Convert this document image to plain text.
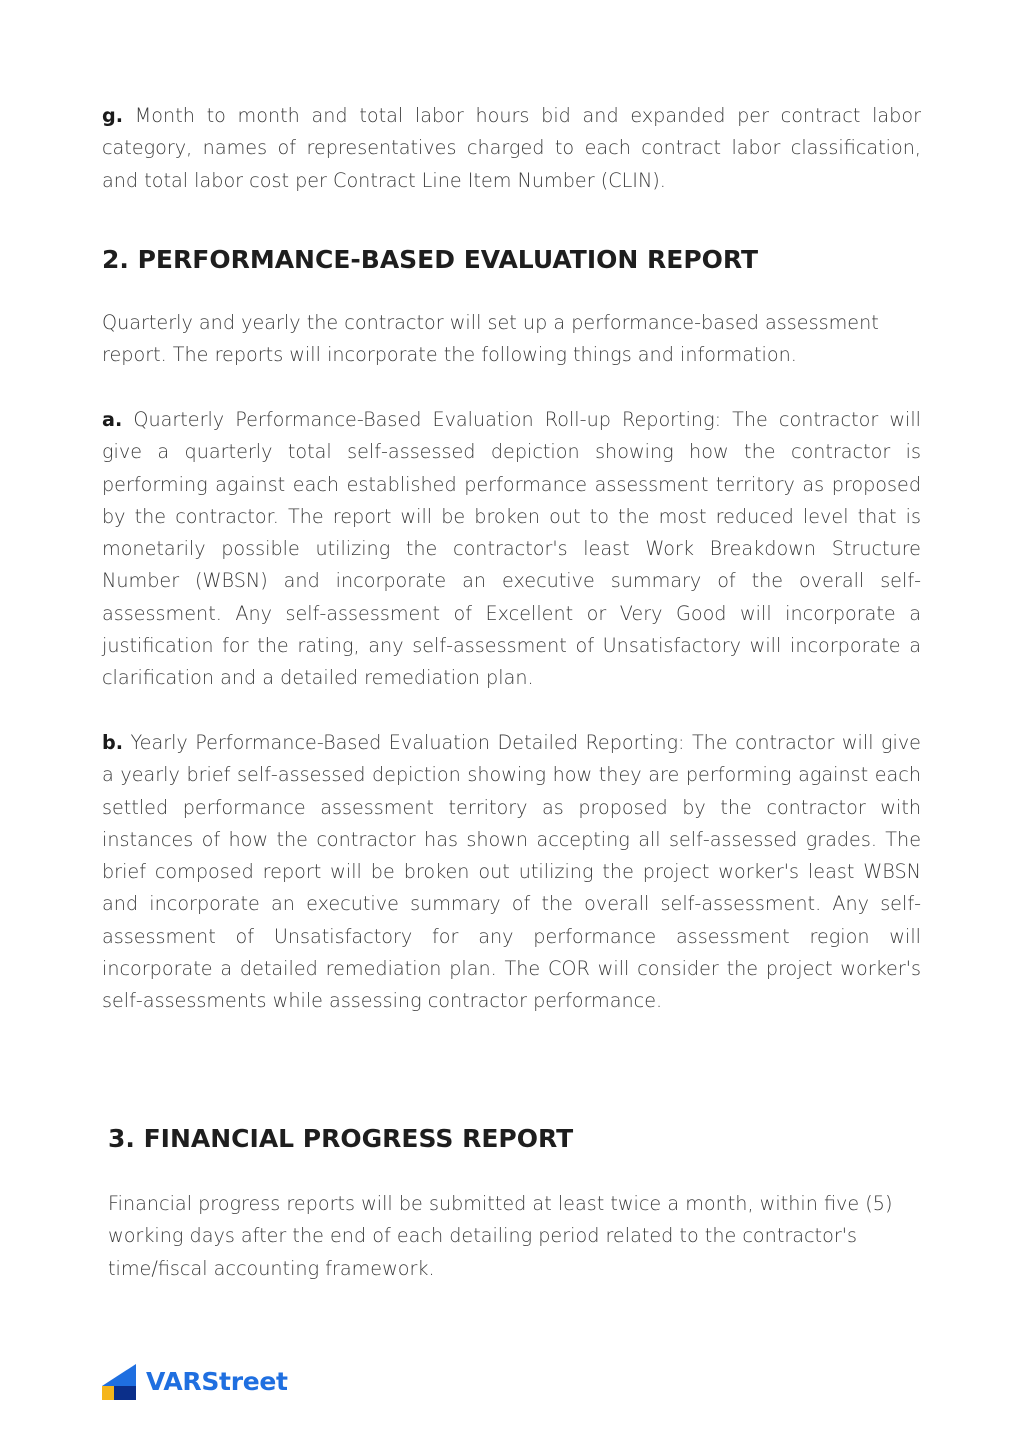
g. Month to month and total labor hours bid and expanded per contract labor category, names of representatives charged to each contract labor classification, and total labor cost per Contract Line Item Number (CLIN).

2. PERFORMANCE-BASED EVALUATION REPORT

Quarterly and yearly the contractor will set up a performance-based assessment report. The reports will incorporate the following things and information.

a. Quarterly Performance-Based Evaluation Roll-up Reporting: The contractor will give a quarterly total self-assessed depiction showing how the contractor is performing against each established performance assessment territory as proposed by the contractor. The report will be broken out to the most reduced level that is monetarily possible utilizing the contractor's least Work Breakdown Structure Number (WBSN) and incorporate an executive summary of the overall self-assessment. Any self-assessment of Excellent or Very Good will incorporate a justification for the rating, any self-assessment of Unsatisfactory will incorporate a clarification and a detailed remediation plan.

b. Yearly Performance-Based Evaluation Detailed Reporting: The contractor will give a yearly brief self-assessed depiction showing how they are performing against each settled performance assessment territory as proposed by the contractor with instances of how the contractor has shown accepting all self-assessed grades. The brief composed report will be broken out utilizing the project worker's least WBSN and incorporate an executive summary of the overall self-assessment. Any self-assessment of Unsatisfactory for any performance assessment region will incorporate a detailed remediation plan. The COR will consider the project worker's self-assessments while assessing contractor performance.

3. FINANCIAL PROGRESS REPORT

Financial progress reports will be submitted at least twice a month, within five (5) working days after the end of each detailing period related to the contractor's time/fiscal accounting framework.

VARStreet
